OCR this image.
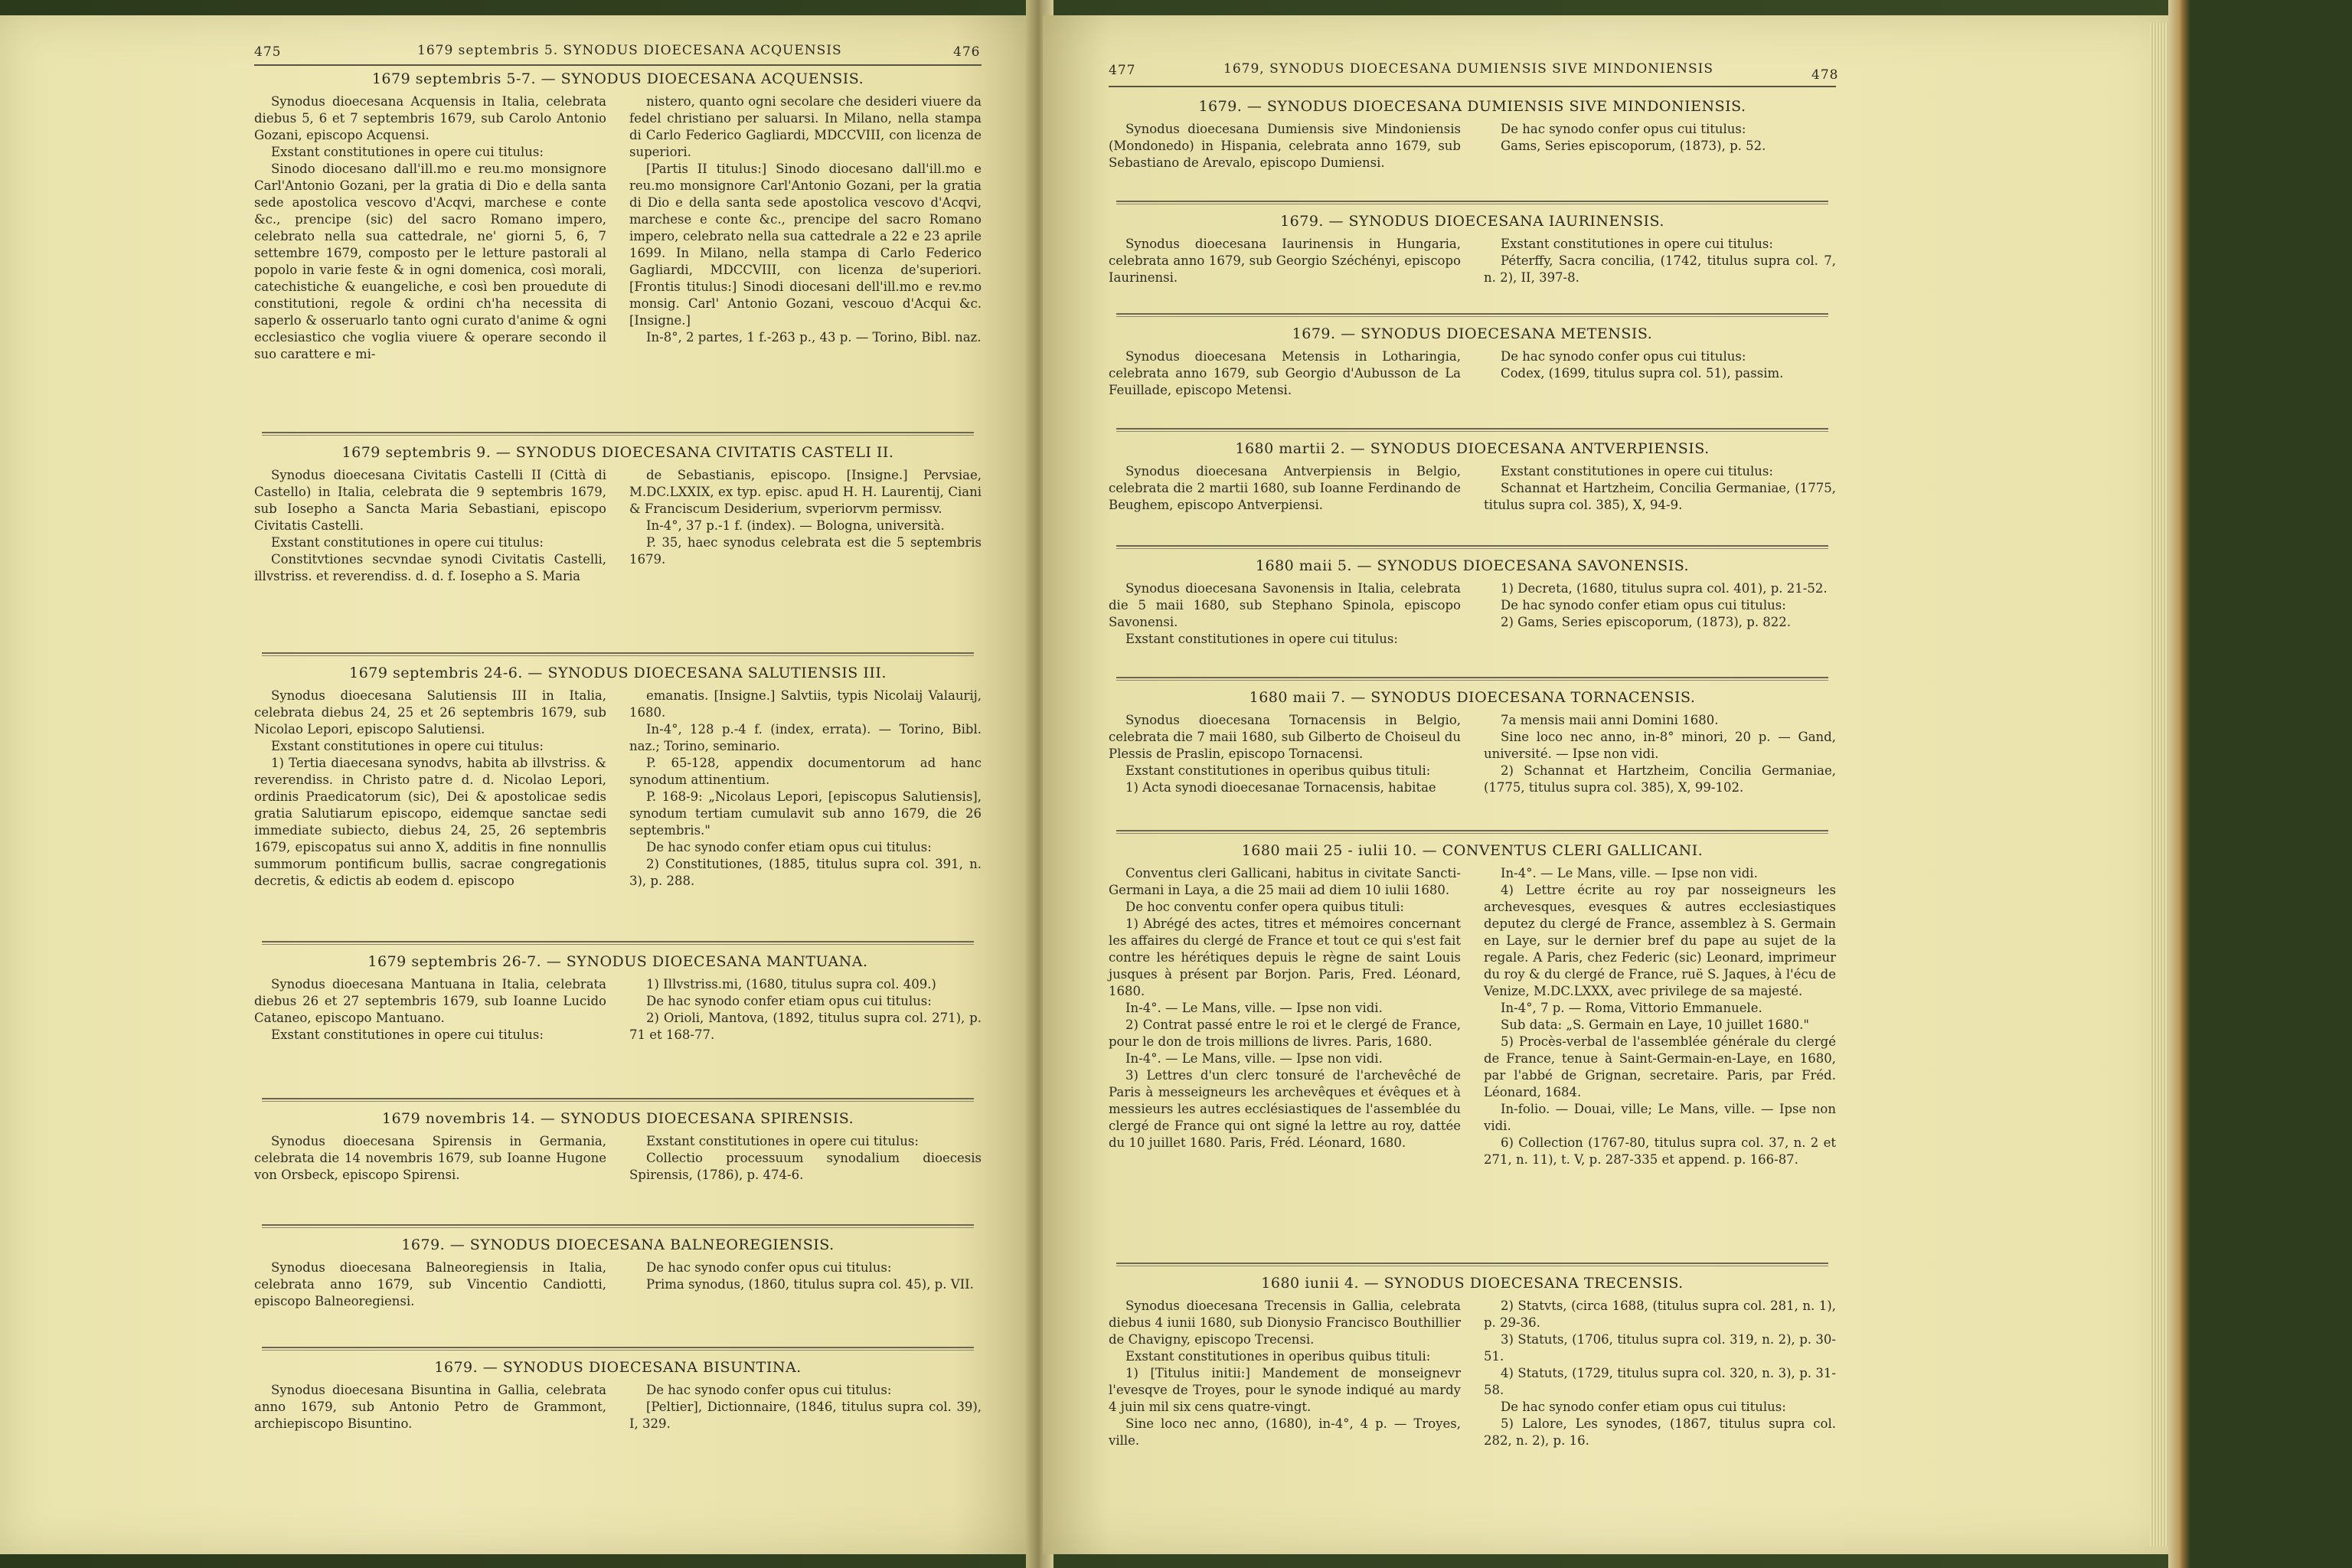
475	1679 septembris 5. SYNODUS DIOECESANA ACQUENSIS	476
477	1679, SYNODUS DIOECESANA DUMIENSIS SIVE MINDONIENSIS	478
1679 septembris 5-7. — SYNODUS DIOECESANA ACQUENSIS.

Synodus dioecesana Acquensis in Italia, celebrata diebus 5, 6 et 7 septembris 1679, sub Carolo Antonio Gozani, episcopo Acquensi.

Exstant constitutiones in opere cui titulus:

Sinodo diocesano dall'ill.mo e reu.mo monsignore Carl'Antonio Gozani, per la gratia di Dio e della santa sede apostolica vescovo d'Acqvi, marchese e conte &c., prencipe (sic) del sacro Romano impero, celebrato nella sua cattedrale, ne' giorni 5, 6, 7 settembre 1679, composto per le letture pastorali al popolo in varie feste & in ogni domenica, così morali, catechistiche & euangeliche, e così ben prouedute di constitutioni, regole & ordini ch'ha necessita di saperlo & osseruarlo tanto ogni curato d'anime & ogni ecclesiastico che voglia viuere & operare secondo il suo carattere e mi-

nistero, quanto ogni secolare che desideri viuere da fedel christiano per saluarsi. In Milano, nella stampa di Carlo Federico Gagliardi, MDCCVIII, con licenza de superiori.

[Partis II titulus:] Sinodo diocesano dall'ill.mo e reu.mo monsignore Carl'Antonio Gozani, per la gratia di Dio e della santa sede apostolica vescovo d'Acqvi, marchese e conte &c., prencipe del sacro Romano impero, celebrato nella sua cattedrale a 22 e 23 aprile 1699. In Milano, nella stampa di Carlo Federico Gagliardi, MDCCVIII, con licenza de'superiori. [Frontis titulus:] Sinodi diocesani dell'ill.mo e rev.mo monsig. Carl' Antonio Gozani, vescouo d'Acqui &c. [Insigne.]

In-8°, 2 partes, 1 f.-263 p., 43 p. — Torino, Bibl. naz.

1679 septembris 9. — SYNODUS DIOECESANA CIVITATIS CASTELI II.

Synodus dioecesana Civitatis Castelli II (Città di Castello) in Italia, celebrata die 9 septembris 1679, sub Iosepho a Sancta Maria Sebastiani, episcopo Civitatis Castelli.

Exstant constitutiones in opere cui titulus:

Constitvtiones secvndae synodi Civitatis Castelli, illvstriss. et reverendiss. d. d. f. Iosepho a S. Maria

de Sebastianis, episcopo. [Insigne.] Pervsiae, M.DC.LXXIX, ex typ. episc. apud H. H. Laurentij, Ciani & Franciscum Desiderium, svperiorvm permissv.

In-4°, 37 p.-1 f. (index). — Bologna, università.

P. 35, haec synodus celebrata est die 5 septembris 1679.

1679 septembris 24-6. — SYNODUS DIOECESANA SALUTIENSIS III.

Synodus dioecesana Salutiensis III in Italia, celebrata diebus 24, 25 et 26 septembris 1679, sub Nicolao Lepori, episcopo Salutiensi.

Exstant constitutiones in opere cui titulus:

1) Tertia diaecesana synodvs, habita ab illvstriss. & reverendiss. in Christo patre d. d. Nicolao Lepori, ordinis Praedicatorum (sic), Dei & apostolicae sedis gratia Salutiarum episcopo, eidemque sanctae sedi immediate subiecto, diebus 24, 25, 26 septembris 1679, episcopatus sui anno X, additis in fine nonnullis summorum pontificum bullis, sacrae congregationis decretis, & edictis ab eodem d. episcopo

emanatis. [Insigne.] Salvtiis, typis Nicolaij Valaurij, 1680.

In-4°, 128 p.-4 f. (index, errata). — Torino, Bibl. naz.; Torino, seminario.

P. 65-128, appendix documentorum ad hanc synodum attinentium.

P. 168-9: „Nicolaus Lepori, [episcopus Salutiensis], synodum tertiam cumulavit sub anno 1679, die 26 septembris."

De hac synodo confer etiam opus cui titulus:

2) Constitutiones, (1885, titulus supra col. 391, n. 3), p. 288.

1679 septembris 26-7. — SYNODUS DIOECESANA MANTUANA.

Synodus dioecesana Mantuana in Italia, celebrata diebus 26 et 27 septembris 1679, sub Ioanne Lucido Cataneo, episcopo Mantuano.

Exstant constitutiones in opere cui titulus:

1) Illvstriss.mi, (1680, titulus supra col. 409.)

De hac synodo confer etiam opus cui titulus:

2) Orioli, Mantova, (1892, titulus supra col. 271), p. 71 et 168-77.

1679 novembris 14. — SYNODUS DIOECESANA SPIRENSIS.

Synodus dioecesana Spirensis in Germania, celebrata die 14 novembris 1679, sub Ioanne Hugone von Orsbeck, episcopo Spirensi.

Exstant constitutiones in opere cui titulus:

Collectio processuum synodalium dioecesis Spirensis, (1786), p. 474-6.

1679. — SYNODUS DIOECESANA BALNEOREGIENSIS.

Synodus dioecesana Balneoregiensis in Italia, celebrata anno 1679, sub Vincentio Candiotti, episcopo Balneoregiensi.

De hac synodo confer opus cui titulus:

Prima synodus, (1860, titulus supra col. 45), p. VII.

1679. — SYNODUS DIOECESANA BISUNTINA.

Synodus dioecesana Bisuntina in Gallia, celebrata anno 1679, sub Antonio Petro de Grammont, archiepiscopo Bisuntino.

De hac synodo confer opus cui titulus:

[Peltier], Dictionnaire, (1846, titulus supra col. 39), I, 329.

1679. — SYNODUS DIOECESANA DUMIENSIS SIVE MINDONIENSIS.

Synodus dioecesana Dumiensis sive Mindoniensis (Mondonedo) in Hispania, celebrata anno 1679, sub Sebastiano de Arevalo, episcopo Dumiensi.

De hac synodo confer opus cui titulus:

Gams, Series episcoporum, (1873), p. 52.

1679. — SYNODUS DIOECESANA IAURINENSIS.

Synodus dioecesana Iaurinensis in Hungaria, celebrata anno 1679, sub Georgio Széchényi, episcopo Iaurinensi.

Exstant constitutiones in opere cui titulus:

Péterffy, Sacra concilia, (1742, titulus supra col. 7, n. 2), II, 397-8.

1679. — SYNODUS DIOECESANA METENSIS.

Synodus dioecesana Metensis in Lotharingia, celebrata anno 1679, sub Georgio d'Aubusson de La Feuillade, episcopo Metensi.

De hac synodo confer opus cui titulus:

Codex, (1699, titulus supra col. 51), passim.

1680 martii 2. — SYNODUS DIOECESANA ANTVERPIENSIS.

Synodus dioecesana Antverpiensis in Belgio, celebrata die 2 martii 1680, sub Ioanne Ferdinando de Beughem, episcopo Antverpiensi.

Exstant constitutiones in opere cui titulus:

Schannat et Hartzheim, Concilia Germaniae, (1775, titulus supra col. 385), X, 94-9.

1680 maii 5. — SYNODUS DIOECESANA SAVONENSIS.

Synodus dioecesana Savonensis in Italia, celebrata die 5 maii 1680, sub Stephano Spinola, episcopo Savonensi.

Exstant constitutiones in opere cui titulus:

1) Decreta, (1680, titulus supra col. 401), p. 21-52.

De hac synodo confer etiam opus cui titulus:

2) Gams, Series episcoporum, (1873), p. 822.

1680 maii 7. — SYNODUS DIOECESANA TORNACENSIS.

Synodus dioecesana Tornacensis in Belgio, celebrata die 7 maii 1680, sub Gilberto de Choiseul du Plessis de Praslin, episcopo Tornacensi.

Exstant constitutiones in operibus quibus tituli:

1) Acta synodi dioecesanae Tornacensis, habitae

7a mensis maii anni Domini 1680.

Sine loco nec anno, in-8° minori, 20 p. — Gand, université. — Ipse non vidi.

2) Schannat et Hartzheim, Concilia Germaniae, (1775, titulus supra col. 385), X, 99-102.

1680 maii 25 - iulii 10. — CONVENTUS CLERI GALLICANI.

Conventus cleri Gallicani, habitus in civitate Sancti-Germani in Laya, a die 25 maii ad diem 10 iulii 1680.

De hoc conventu confer opera quibus tituli:

1) Abrégé des actes, titres et mémoires concernant les affaires du clergé de France et tout ce qui s'est fait contre les hérétiques depuis le règne de saint Louis jusques à présent par Borjon. Paris, Fred. Léonard, 1680.

In-4°. — Le Mans, ville. — Ipse non vidi.

2) Contrat passé entre le roi et le clergé de France, pour le don de trois millions de livres. Paris, 1680.

In-4°. — Le Mans, ville. — Ipse non vidi.

3) Lettres d'un clerc tonsuré de l'archevêché de Paris à messeigneurs les archevêques et évêques et à messieurs les autres ecclésiastiques de l'assemblée du clergé de France qui ont signé la lettre au roy, dattée du 10 juillet 1680. Paris, Fréd. Léonard, 1680.

In-4°. — Le Mans, ville. — Ipse non vidi.

4) Lettre écrite au roy par nosseigneurs les archevesques, evesques & autres ecclesiastiques deputez du clergé de France, assemblez à S. Germain en Laye, sur le dernier bref du pape au sujet de la regale. A Paris, chez Federic (sic) Leonard, imprimeur du roy & du clergé de France, ruë S. Jaques, à l'écu de Venize, M.DC.LXXX, avec privilege de sa majesté.

In-4°, 7 p. — Roma, Vittorio Emmanuele.

Sub data: „S. Germain en Laye, 10 juillet 1680."

5) Procès-verbal de l'assemblée générale du clergé de France, tenue à Saint-Germain-en-Laye, en 1680, par l'abbé de Grignan, secretaire. Paris, par Fréd. Léonard, 1684.

In-folio. — Douai, ville; Le Mans, ville. — Ipse non vidi.

6) Collection (1767-80, titulus supra col. 37, n. 2 et 271, n. 11), t. V, p. 287-335 et append. p. 166-87.

1680 iunii 4. — SYNODUS DIOECESANA TRECENSIS.

Synodus dioecesana Trecensis in Gallia, celebrata diebus 4 iunii 1680, sub Dionysio Francisco Bouthillier de Chavigny, episcopo Trecensi.

Exstant constitutiones in operibus quibus tituli:

1) [Titulus initii:] Mandement de monseignevr l'evesqve de Troyes, pour le synode indiqué au mardy 4 juin mil six cens quatre-vingt.

Sine loco nec anno, (1680), in-4°, 4 p. — Troyes, ville.

2) Statvts, (circa 1688, (titulus supra col. 281, n. 1), p. 29-36.

3) Statuts, (1706, titulus supra col. 319, n. 2), p. 30-51.

4) Statuts, (1729, titulus supra col. 320, n. 3), p. 31-58.

De hac synodo confer etiam opus cui titulus:

5) Lalore, Les synodes, (1867, titulus supra col. 282, n. 2), p. 16.
